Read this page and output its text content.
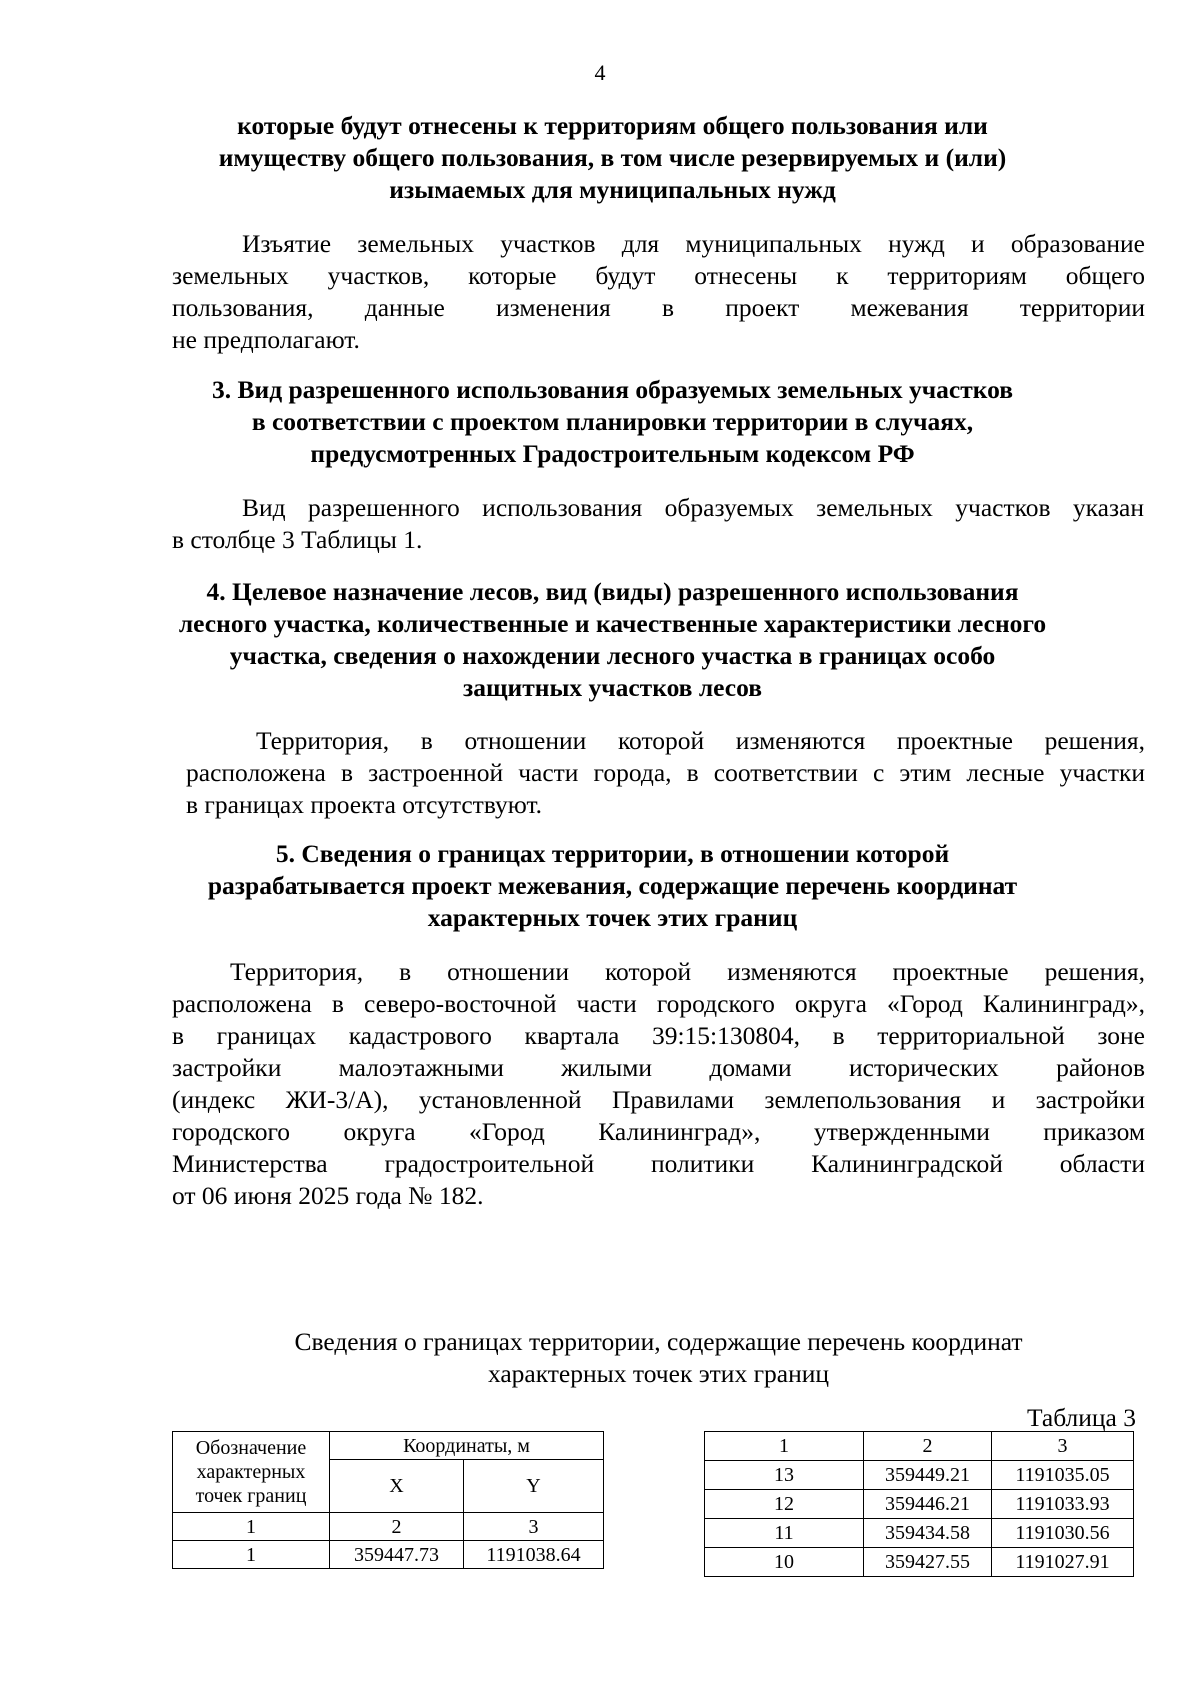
4
которые будут отнесены к территориям общего пользования или
имуществу общего пользования, в том числе резервируемых и (или)
изымаемых для муниципальных нужд
Изъятие земельных участков для муниципальных нужд и образование
земельных участков, которые будут отнесены к территориям общего
пользования, данные изменения в проект межевания территории
не предполагают.
3. Вид разрешенного использования образуемых земельных участков
в соответствии с проектом планировки территории в случаях,
предусмотренных Градостроительным кодексом РФ
Вид разрешенного использования образуемых земельных участков указан
в столбце 3 Таблицы 1.
4. Целевое назначение лесов, вид (виды) разрешенного использования
лесного участка, количественные и качественные характеристики лесного
участка, сведения о нахождении лесного участка в границах особо
защитных участков лесов
Территория, в отношении которой изменяются проектные решения,
расположена в застроенной части города, в соответствии с этим лесные участки
в границах проекта отсутствуют.
5. Сведения о границах территории, в отношении которой
разрабатывается проект межевания, содержащие перечень координат
характерных точек этих границ
Территория, в отношении которой изменяются проектные решения,
расположена в северо-восточной части городского округа «Город Калининград»,
в границах кадастрового квартала 39:15:130804, в территориальной зоне
застройки малоэтажными жилыми домами исторических районов
(индекс ЖИ-3/А), установленной Правилами землепользования и застройки
городского округа «Город Калининград», утвержденными приказом
Министерства градостроительной политики Калининградской области
от 06 июня 2025 года № 182.
Сведения о границах территории, содержащие перечень координат
характерных точек этих границ
Таблица 3
Обозначение
характерных
точек границ	Координаты, м	
	X	Y
1	2	3
1	359447.73	1191038.64
1	2	3
13	359449.21	1191035.05
12	359446.21	1191033.93
11	359434.58	1191030.56
10	359427.55	1191027.91
